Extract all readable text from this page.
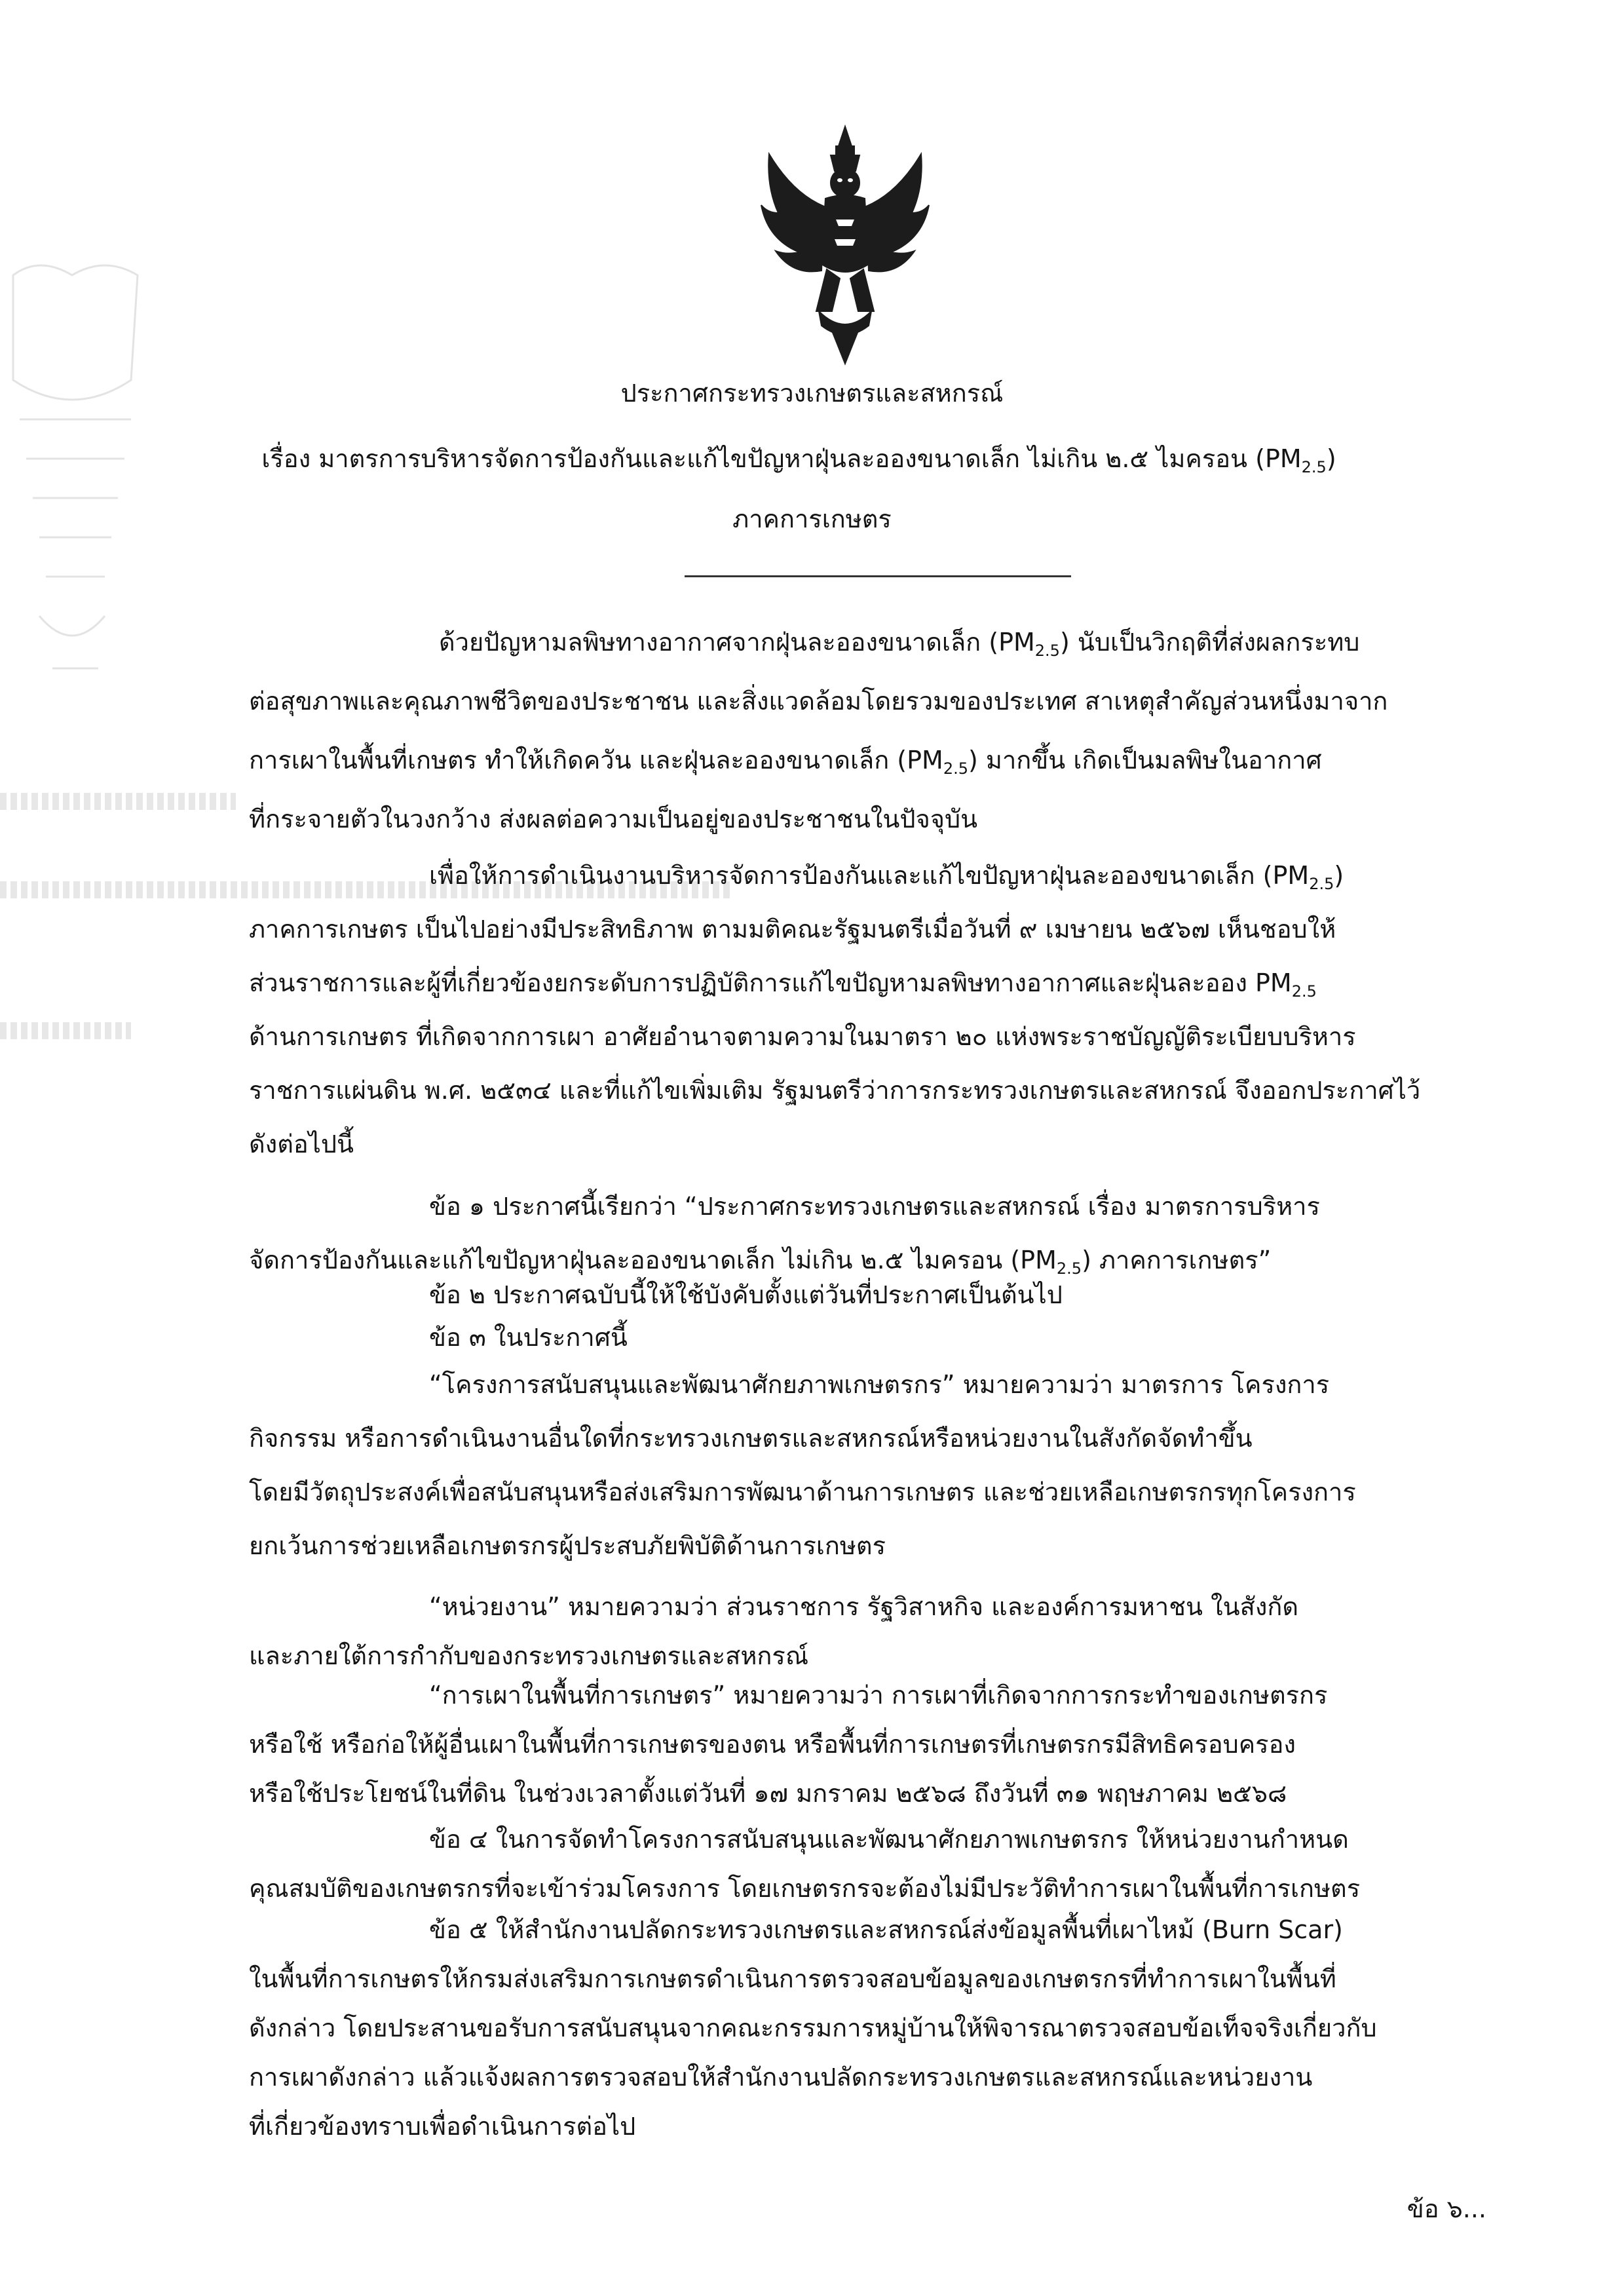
ประกาศกระทรวงเกษตรและสหกรณ์
เรื่อง มาตรการบริหารจัดการป้องกันและแก้ไขปัญหาฝุ่นละอองขนาดเล็ก ไม่เกิน ๒.๕ ไมครอน $(PM_{2.5})$
ภาคการเกษตร
ด้วยปัญหามลพิษทางอากาศจากฝุ่นละอองขนาดเล็ก $(PM_{2.5})$ นับเป็นวิกฤติที่ส่งผลกระทบ
ต่อสุขภาพและคุณภาพชีวิตของประชาชน และสิ่งแวดล้อมโดยรวมของประเทศ สาเหตุสำคัญส่วนหนึ่งมาจาก
การเผาในพื้นที่เกษตร ทำให้เกิดควัน และฝุ่นละอองขนาดเล็ก $(PM_{2.5})$ มากขึ้น เกิดเป็นมลพิษในอากาศ
ที่กระจายตัวในวงกว้าง ส่งผลต่อความเป็นอยู่ของประชาชนในปัจจุบัน
เพื่อให้การดำเนินงานบริหารจัดการป้องกันและแก้ไขปัญหาฝุ่นละอองขนาดเล็ก $(PM_{2.5})$
ภาคการเกษตร เป็นไปอย่างมีประสิทธิภาพ ตามมติคณะรัฐมนตรีเมื่อวันที่ ๙ เมษายน ๒๕๖๗ เห็นชอบให้
ส่วนราชการและผู้ที่เกี่ยวข้องยกระดับการปฏิบัติการแก้ไขปัญหามลพิษทางอากาศและฝุ่นละออง $PM_{2.5}$
ด้านการเกษตร ที่เกิดจากการเผา อาศัยอำนาจตามความในมาตรา ๒๐ แห่งพระราชบัญญัติระเบียบบริหาร
ราชการแผ่นดิน พ.ศ. ๒๕๓๔ และที่แก้ไขเพิ่มเติม รัฐมนตรีว่าการกระทรวงเกษตรและสหกรณ์ จึงออกประกาศไว้
ดังต่อไปนี้
ข้อ ๑ ประกาศนี้เรียกว่า “ประกาศกระทรวงเกษตรและสหกรณ์ เรื่อง มาตรการบริหาร
จัดการป้องกันและแก้ไขปัญหาฝุ่นละอองขนาดเล็ก ไม่เกิน ๒.๕ ไมครอน $(PM_{2.5})$ ภาคการเกษตร”
ข้อ ๒ ประกาศฉบับนี้ให้ใช้บังคับตั้งแต่วันที่ประกาศเป็นต้นไป
ข้อ ๓ ในประกาศนี้
“โครงการสนับสนุนและพัฒนาศักยภาพเกษตรกร” หมายความว่า มาตรการ โครงการ
กิจกรรม หรือการดำเนินงานอื่นใดที่กระทรวงเกษตรและสหกรณ์หรือหน่วยงานในสังกัดจัดทำขึ้น
โดยมีวัตถุประสงค์เพื่อสนับสนุนหรือส่งเสริมการพัฒนาด้านการเกษตร และช่วยเหลือเกษตรกรทุกโครงการ
ยกเว้นการช่วยเหลือเกษตรกรผู้ประสบภัยพิบัติด้านการเกษตร
“หน่วยงาน” หมายความว่า ส่วนราชการ รัฐวิสาหกิจ และองค์การมหาชน ในสังกัด
และภายใต้การกำกับของกระทรวงเกษตรและสหกรณ์
“การเผาในพื้นที่การเกษตร” หมายความว่า การเผาที่เกิดจากการกระทำของเกษตรกร
หรือใช้ หรือก่อให้ผู้อื่นเผาในพื้นที่การเกษตรของตน หรือพื้นที่การเกษตรที่เกษตรกรมีสิทธิครอบครอง
หรือใช้ประโยชน์ในที่ดิน ในช่วงเวลาตั้งแต่วันที่ ๑๗ มกราคม ๒๕๖๘ ถึงวันที่ ๓๑ พฤษภาคม ๒๕๖๘
ข้อ ๔ ในการจัดทำโครงการสนับสนุนและพัฒนาศักยภาพเกษตรกร ให้หน่วยงานกำหนด
คุณสมบัติของเกษตรกรที่จะเข้าร่วมโครงการ โดยเกษตรกรจะต้องไม่มีประวัติทำการเผาในพื้นที่การเกษตร
ข้อ ๕ ให้สำนักงานปลัดกระทรวงเกษตรและสหกรณ์ส่งข้อมูลพื้นที่เผาไหม้ (Burn Scar)
ในพื้นที่การเกษตรให้กรมส่งเสริมการเกษตรดำเนินการตรวจสอบข้อมูลของเกษตรกรที่ทำการเผาในพื้นที่
ดังกล่าว โดยประสานขอรับการสนับสนุนจากคณะกรรมการหมู่บ้านให้พิจารณาตรวจสอบข้อเท็จจริงเกี่ยวกับ
การเผาดังกล่าว แล้วแจ้งผลการตรวจสอบให้สำนักงานปลัดกระทรวงเกษตรและสหกรณ์และหน่วยงาน
ที่เกี่ยวข้องทราบเพื่อดำเนินการต่อไป
ข้อ ๖...
